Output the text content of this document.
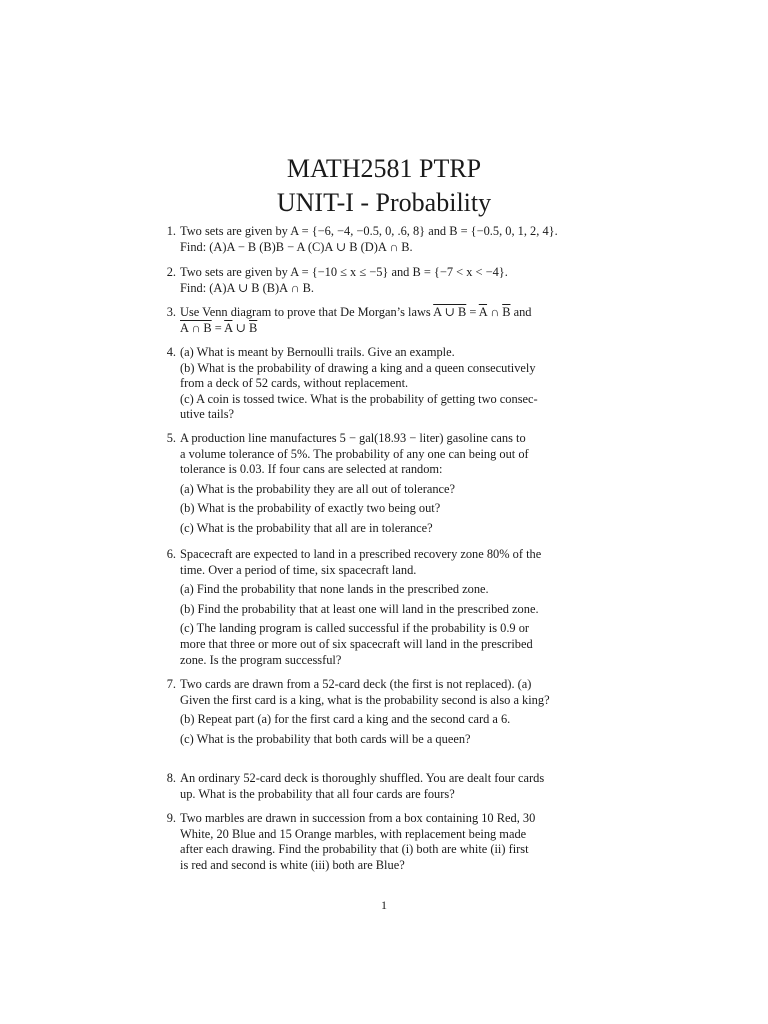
MATH2581 PTRP
UNIT-I - Probability
1. Two sets are given by A = {−6, −4, −0.5, 0, .6, 8} and B = {−0.5, 0, 1, 2, 4}.
Find: (A)A − B (B)B − A (C)A ∪ B (D)A ∩ B.
2. Two sets are given by A = {−10 ≤ x ≤ −5} and B = {−7 < x < −4}.
Find: (A)A ∪ B (B)A ∩ B.
3. Use Venn diagram to prove that De Morgan’s laws A ∪ $B = \overline{A}$ ∩ $\overline{B}$ and
A ∩ $B = \overline{A}$ ∪ $\overline{B}$
4. (a) What is meant by Bernoulli trails. Give an example.
(b) What is the probability of drawing a king and a queen consecutively
from a deck of 52 cards, without replacement.
(c) A coin is tossed twice. What is the probability of getting two consec-
utive tails?
5. A production line manufactures 5 − gal(18.93 − liter) gasoline cans to
a volume tolerance of 5%. The probability of any one can being out of
tolerance is 0.03. If four cans are selected at random:
(a) What is the probability they are all out of tolerance?
(b) What is the probability of exactly two being out?
(c) What is the probability that all are in tolerance?
6. Spacecraft are expected to land in a prescribed recovery zone 80% of the
time. Over a period of time, six spacecraft land.
(a) Find the probability that none lands in the prescribed zone.
(b) Find the probability that at least one will land in the prescribed zone.
(c) The landing program is called successful if the probability is 0.9 or
more that three or more out of six spacecraft will land in the prescribed
zone. Is the program successful?
7. Two cards are drawn from a 52-card deck (the first is not replaced). (a)
Given the first card is a king, what is the probability second is also a king?
(b) Repeat part (a) for the first card a king and the second card a 6.
(c) What is the probability that both cards will be a queen?
8. An ordinary 52-card deck is thoroughly shuffled. You are dealt four cards
up. What is the probability that all four cards are fours?
9. Two marbles are drawn in succession from a box containing 10 Red, 30
White, 20 Blue and 15 Orange marbles, with replacement being made
after each drawing. Find the probability that (i) both are white (ii) first
is red and second is white (iii) both are Blue?
1
